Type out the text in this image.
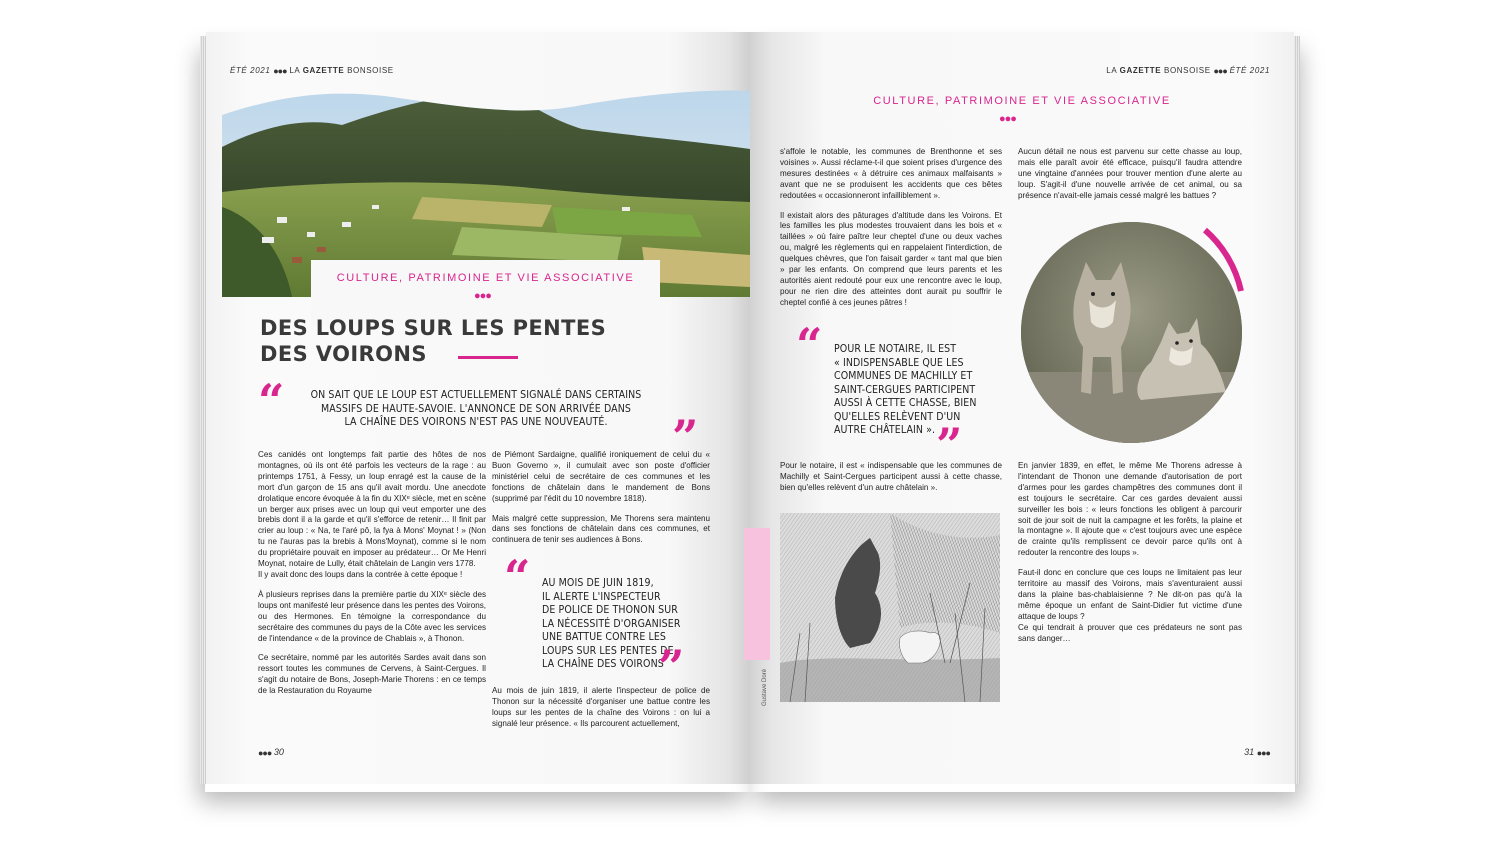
ÉTÉ 2021 ●●● LA GAZETTE BONSOISE
CULTURE, PATRIMOINE ET VIE ASSOCIATIVE
●●●
DES LOUPS SUR LES PENTES
DES VOIRONS
“	ON SAIT QUE LE LOUP EST ACTUELLEMENT SIGNALÉ DANS CERTAINS
MASSIFS DE HAUTE-SAVOIE. L'ANNONCE DE SON ARRIVÉE DANS
LA CHAÎNE DES VOIRONS N'EST PAS UNE NOUVEAUTÉ.	”

Ces canidés ont longtemps fait partie des hôtes de nos montagnes, où ils ont été parfois les vecteurs de la rage : au printemps 1751, à Fessy, un loup enragé est la cause de la mort d'un garçon de 15 ans qu'il avait mordu. Une anecdote drolatique encore évoquée à la fin du XIXᵉ siècle, met en scène un berger aux prises avec un loup qui veut emporter une des brebis dont il a la garde et qu'il s'efforce de retenir… Il finit par crier au loup : « Na, te l'aré pô, la fya à Mons' Moynat ! » (Non tu ne l'auras pas la brebis à Mons'Moynat), comme si le nom du propriétaire pouvait en imposer au prédateur… Or Me Henri Moynat, notaire de Lully, était châtelain de Langin vers 1778.
Il y avait donc des loups dans la contrée à cette époque !

À plusieurs reprises dans la première partie du XIXᵉ siècle des loups ont manifesté leur présence dans les pentes des Voirons, ou des Hermones. En témoigne la correspondance du secrétaire des communes du pays de la Côte avec les services de l'intendance « de la province de Chablais », à Thonon.

Ce secrétaire, nommé par les autorités Sardes avait dans son ressort toutes les communes de Cervens, à Saint-Cergues. Il s'agit du notaire de Bons, Joseph-Marie Thorens : en ce temps de la Restauration du Royaume

de Piémont Sardaigne, qualifié ironiquement de celui du « Buon Governo », il cumulait avec son poste d'officier ministériel celui de secrétaire de ces communes et les fonctions de châtelain dans le mandement de Bons (supprimé par l'édit du 10 novembre 1818).

Mais malgré cette suppression, Me Thorens sera maintenu dans ses fonctions de châtelain dans ces communes, et continuera de tenir ses audiences à Bons.

“ AU MOIS DE JUIN 1819,
IL ALERTE L'INSPECTEUR
DE POLICE DE THONON SUR
LA NÉCESSITÉ D'ORGANISER
UNE BATTUE CONTRE LES
LOUPS SUR LES PENTES DE
LA CHAÎNE DES VOIRONS
”

Au mois de juin 1819, il alerte l'inspecteur de police de Thonon sur la nécessité d'organiser une battue contre les loups sur les pentes de la chaîne des Voirons : on lui a signalé leur présence. « Ils parcourent actuellement,

●●● 30
LA GAZETTE BONSOISE ●●● ÉTÉ 2021
CULTURE, PATRIMOINE ET VIE ASSOCIATIVE
●●●

s'affole le notable, les communes de Brenthonne et ses voisines ». Aussi réclame-t-il que soient prises d'urgence des mesures destinées « à détruire ces animaux malfaisants » avant que ne se produisent les accidents que ces bêtes redoutées « occasionneront infailliblement ».

Il existait alors des pâturages d'altitude dans les Voirons. Et les familles les plus modestes trouvaient dans les bois et « taillées » où faire paître leur cheptel d'une ou deux vaches ou, malgré les règlements qui en rappelaient l'interdiction, de quelques chèvres, que l'on faisait garder « tant mal que bien » par les enfants. On comprend que leurs parents et les autorités aient redouté pour eux une rencontre avec le loup, pour ne rien dire des atteintes dont aurait pu souffrir le cheptel confié à ces jeunes pâtres !

“ POUR LE NOTAIRE, IL EST
« INDISPENSABLE QUE LES
COMMUNES DE MACHILLY ET
SAINT-CERGUES PARTICIPENT
AUSSI À CETTE CHASSE, BIEN
QU'ELLES RELÈVENT D'UN
AUTRE CHÂTELAIN ». ”

Pour le notaire, il est « indispensable que les communes de Machilly et Saint-Cergues participent aussi à cette chasse, bien qu'elles relèvent d'un autre châtelain ».

Aucun détail ne nous est parvenu sur cette chasse au loup, mais elle paraît avoir été efficace, puisqu'il faudra attendre une vingtaine d'années pour trouver mention d'une alerte au loup. S'agit-il d'une nouvelle arrivée de cet animal, ou sa présence n'avait-elle jamais cessé malgré les battues ?

En janvier 1839, en effet, le même Me Thorens adresse à l'intendant de Thonon une demande d'autorisation de port d'armes pour les gardes champêtres des communes dont il est toujours le secrétaire. Car ces gardes devaient aussi surveiller les bois : « leurs fonctions les obligent à parcourir soit de jour soit de nuit la campagne et les forêts, la plaine et la montagne ». Il ajoute que « c'est toujours avec une espèce de crainte qu'ils remplissent ce devoir parce qu'ils ont à redouter la rencontre des loups ».

Faut-il donc en conclure que ces loups ne limitaient pas leur territoire au massif des Voirons, mais s'aventuraient aussi dans la plaine bas-chablaisienne ? Ne dit-on pas qu'à la même époque un enfant de Saint-Didier fut victime d'une attaque de loups ?
Ce qui tendrait à prouver que ces prédateurs ne sont pas sans danger…

31 ●●●
Gustave Doré
